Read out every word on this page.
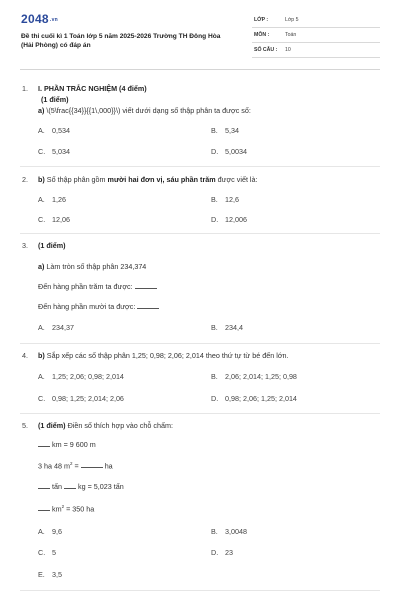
2048.vn
Đề thi cuối kì 1 Toán lớp 5 năm 2025-2026 Trường TH Đông Hòa (Hải Phòng) có đáp án
LỚP :	Lớp 5
MÔN :	Toán
SỐ CÂU : 10
1. I. PHẦN TRẮC NGHIỆM (4 điểm)
(1 điểm)
a) \(5\frac{{34}}{{1\,000}}\) viết dưới dạng số thập phân ta được số:
A. 0,534	B. 5,34
C. 5,034	D. 5,0034
2. b) Số thập phân gồm mười hai đơn vị, sáu phần trăm được viết là:
A. 1,26	B. 12,6
C. 12,06	D. 12,006
3. (1 điểm)
a) Làm tròn số thập phân 234,374
Đến hàng phần trăm ta được:
Đến hàng phần mười ta được:
A. 234,37	B. 234,4
4. b) Sắp xếp các số thập phân 1,25; 0,98; 2,06; 2,014 theo thứ tự từ bé đến lớn.
A. 1,25; 2,06; 0,98; 2,014	B. 2,06; 2,014; 1,25; 0,98
C. 0,98; 1,25; 2,014; 2,06	D. 0,98; 2,06; 1,25; 2,014
5. (1 điểm) Điền số thích hợp vào chỗ chấm:
km = 9 600 m
3 ha 48 $m^2$ =	ha
tấn kg = 5,023 tấn
$km^2 = 350$ ha
A. 9,6	B. 3,0048
C. 5	D. 23
E. 3,5
